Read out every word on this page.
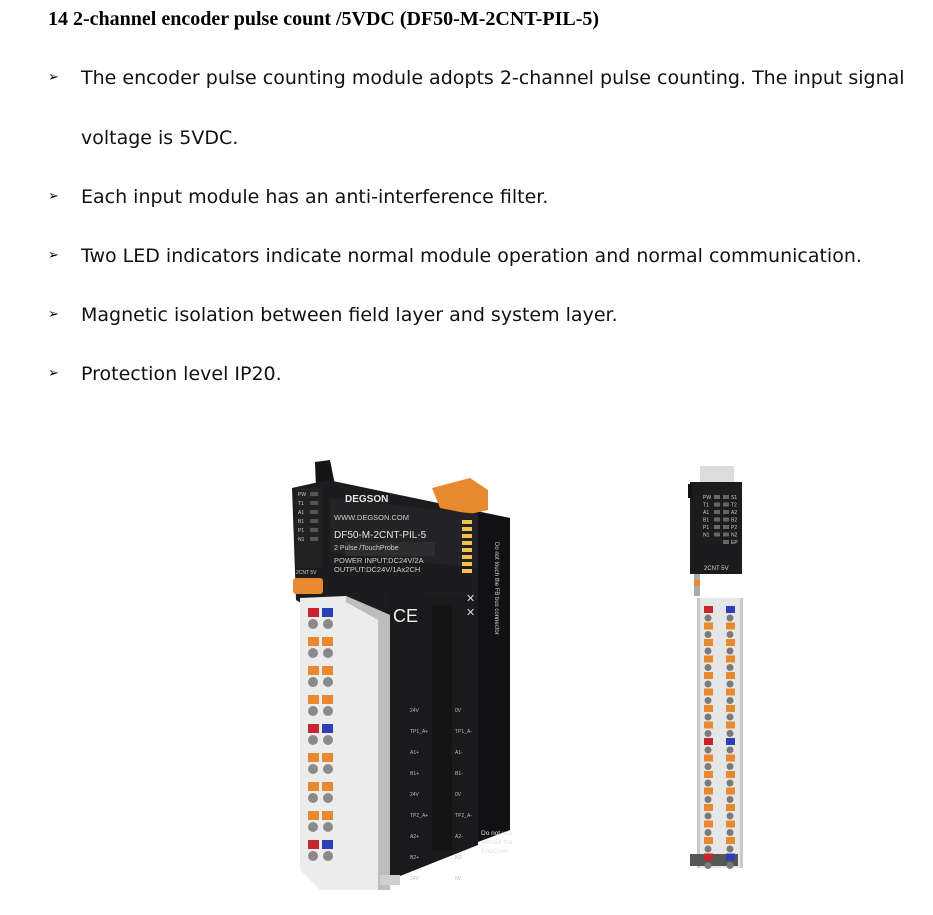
14 2-channel encoder pulse count /5VDC (DF50-M-2CNT-PIL-5)
➢ The encoder pulse counting module adopts 2-channel pulse counting. The input signal
voltage is 5VDC.
➢ Each input module has an anti-interference filter.
➢ Two LED indicators indicate normal module operation and normal communication.
➢ Magnetic isolation between field layer and system layer.
➢ Protection level IP20.
✕
✕
DEGSON
WWW.DEGSON.COM
DF50-M-2CNT-PIL-5
2 Pulse /TouchProbe
POWER INPUT:DC24V/2A
OUTPUT:DC24V/1Ax2CH
CE	Do not touch the FB bus connector
Do not use
without the
EndCover
2CNT 5V
PW
T1
A1
B1
P1
N1
24V
TP1_A+
A1+
B1+
24V
TP2_A+
A2+
B2+
24V
0V
TP1_A-
A1-
B1-
0V
TP2_A-
A2-
B2-
0V
PW
T1
A1
B1
P1
N1
S1
T2
A2
B2
P2
N2
EP
2CNT 5V
